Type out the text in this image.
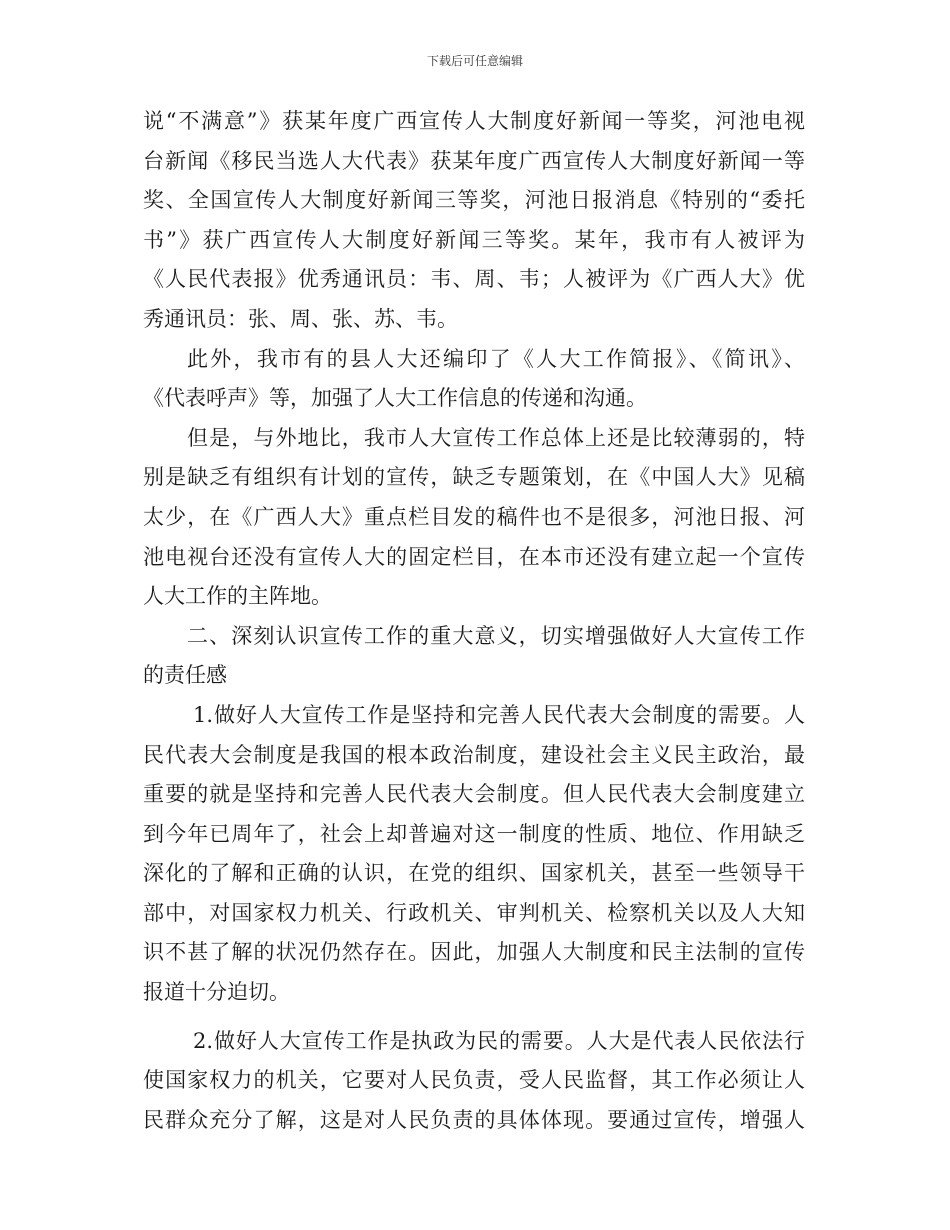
下载后可任意编辑
说“不满意”》获某年度广西宣传人大制度好新闻一等奖，河池电视
台新闻《移民当选人大代表》获某年度广西宣传人大制度好新闻一等
奖、全国宣传人大制度好新闻三等奖，河池日报消息《特别的“委托
书”》获广西宣传人大制度好新闻三等奖。某年，我市有人被评为
《人民代表报》优秀通讯员：韦、周、韦；人被评为《广西人大》优
秀通讯员：张、周、张、苏、韦。
此外，我市有的县人大还编印了《人大工作简报》、《简讯》、
《代表呼声》等，加强了人大工作信息的传递和沟通。
但是，与外地比，我市人大宣传工作总体上还是比较薄弱的，特
别是缺乏有组织有计划的宣传，缺乏专题策划，在《中国人大》见稿
太少，在《广西人大》重点栏目发的稿件也不是很多，河池日报、河
池电视台还没有宣传人大的固定栏目，在本市还没有建立起一个宣传
人大工作的主阵地。
二、深刻认识宣传工作的重大意义，切实增强做好人大宣传工作
的责任感
1.做好人大宣传工作是坚持和完善人民代表大会制度的需要。人
民代表大会制度是我国的根本政治制度，建设社会主义民主政治，最
重要的就是坚持和完善人民代表大会制度。但人民代表大会制度建立
到今年已周年了，社会上却普遍对这一制度的性质、地位、作用缺乏
深化的了解和正确的认识，在党的组织、国家机关，甚至一些领导干
部中，对国家权力机关、行政机关、审判机关、检察机关以及人大知
识不甚了解的状况仍然存在。因此，加强人大制度和民主法制的宣传
报道十分迫切。
2.做好人大宣传工作是执政为民的需要。人大是代表人民依法行
使国家权力的机关，它要对人民负责，受人民监督，其工作必须让人
民群众充分了解，这是对人民负责的具体体现。要通过宣传，增强人
